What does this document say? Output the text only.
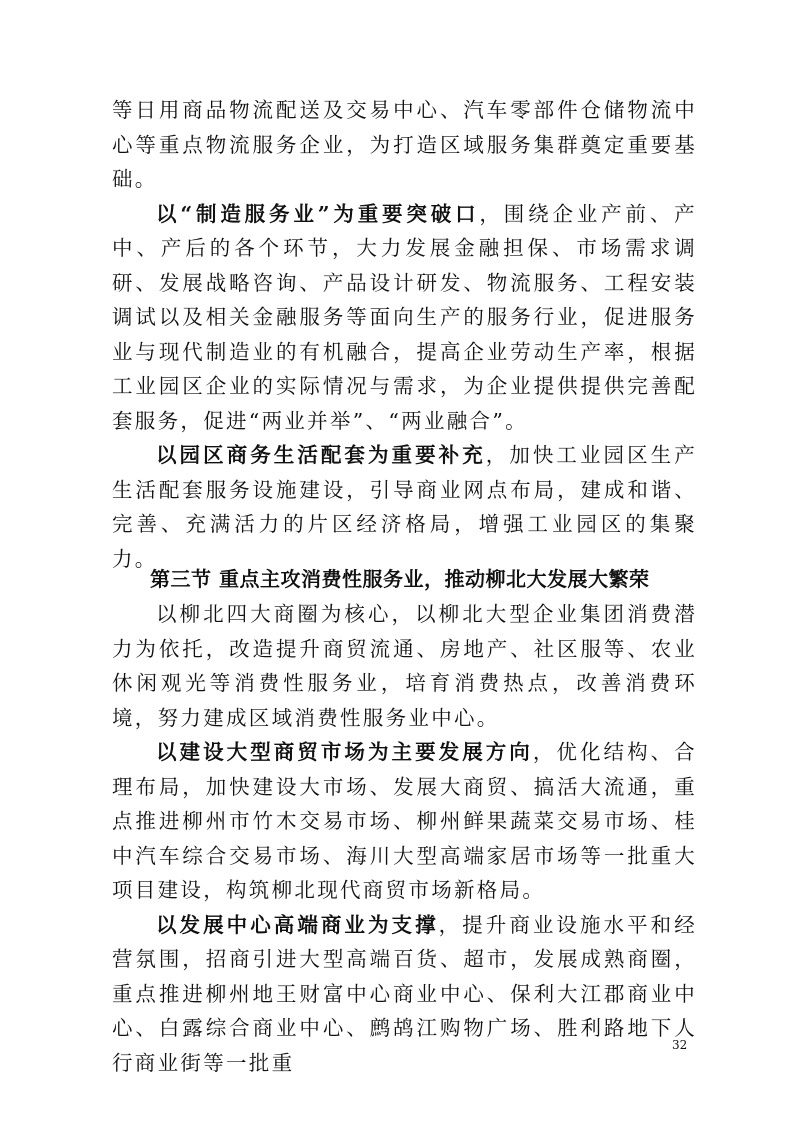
等日用商品物流配送及交易中心、汽车零部件仓储物流中心等重点物流服务企业，为打造区域服务集群奠定重要基础。

以“制造服务业”为重要突破口，围绕企业产前、产中、产后的各个环节，大力发展金融担保、市场需求调研、发展战略咨询、产品设计研发、物流服务、工程安装调试以及相关金融服务等面向生产的服务行业，促进服务业与现代制造业的有机融合，提高企业劳动生产率，根据工业园区企业的实际情况与需求，为企业提供提供完善配套服务，促进“两业并举”、“两业融合”。

以园区商务生活配套为重要补充，加快工业园区生产生活配套服务设施建设，引导商业网点布局，建成和谐、完善、充满活力的片区经济格局，增强工业园区的集聚力。

第三节 重点主攻消费性服务业，推动柳北大发展大繁荣

以柳北四大商圈为核心，以柳北大型企业集团消费潜力为依托，改造提升商贸流通、房地产、社区服等、农业休闲观光等消费性服务业，培育消费热点，改善消费环境，努力建成区域消费性服务业中心。

以建设大型商贸市场为主要发展方向，优化结构、合理布局，加快建设大市场、发展大商贸、搞活大流通，重点推进柳州市竹木交易市场、柳州鲜果蔬菜交易市场、桂中汽车综合交易市场、海川大型高端家居市场等一批重大项目建设，构筑柳北现代商贸市场新格局。

以发展中心高端商业为支撑，提升商业设施水平和经营氛围，招商引进大型高端百货、超市，发展成熟商圈，重点推进柳州地王财富中心商业中心、保利大江郡商业中心、白露综合商业中心、鹧鸪江购物广场、胜利路地下人行商业街等一批重

32
